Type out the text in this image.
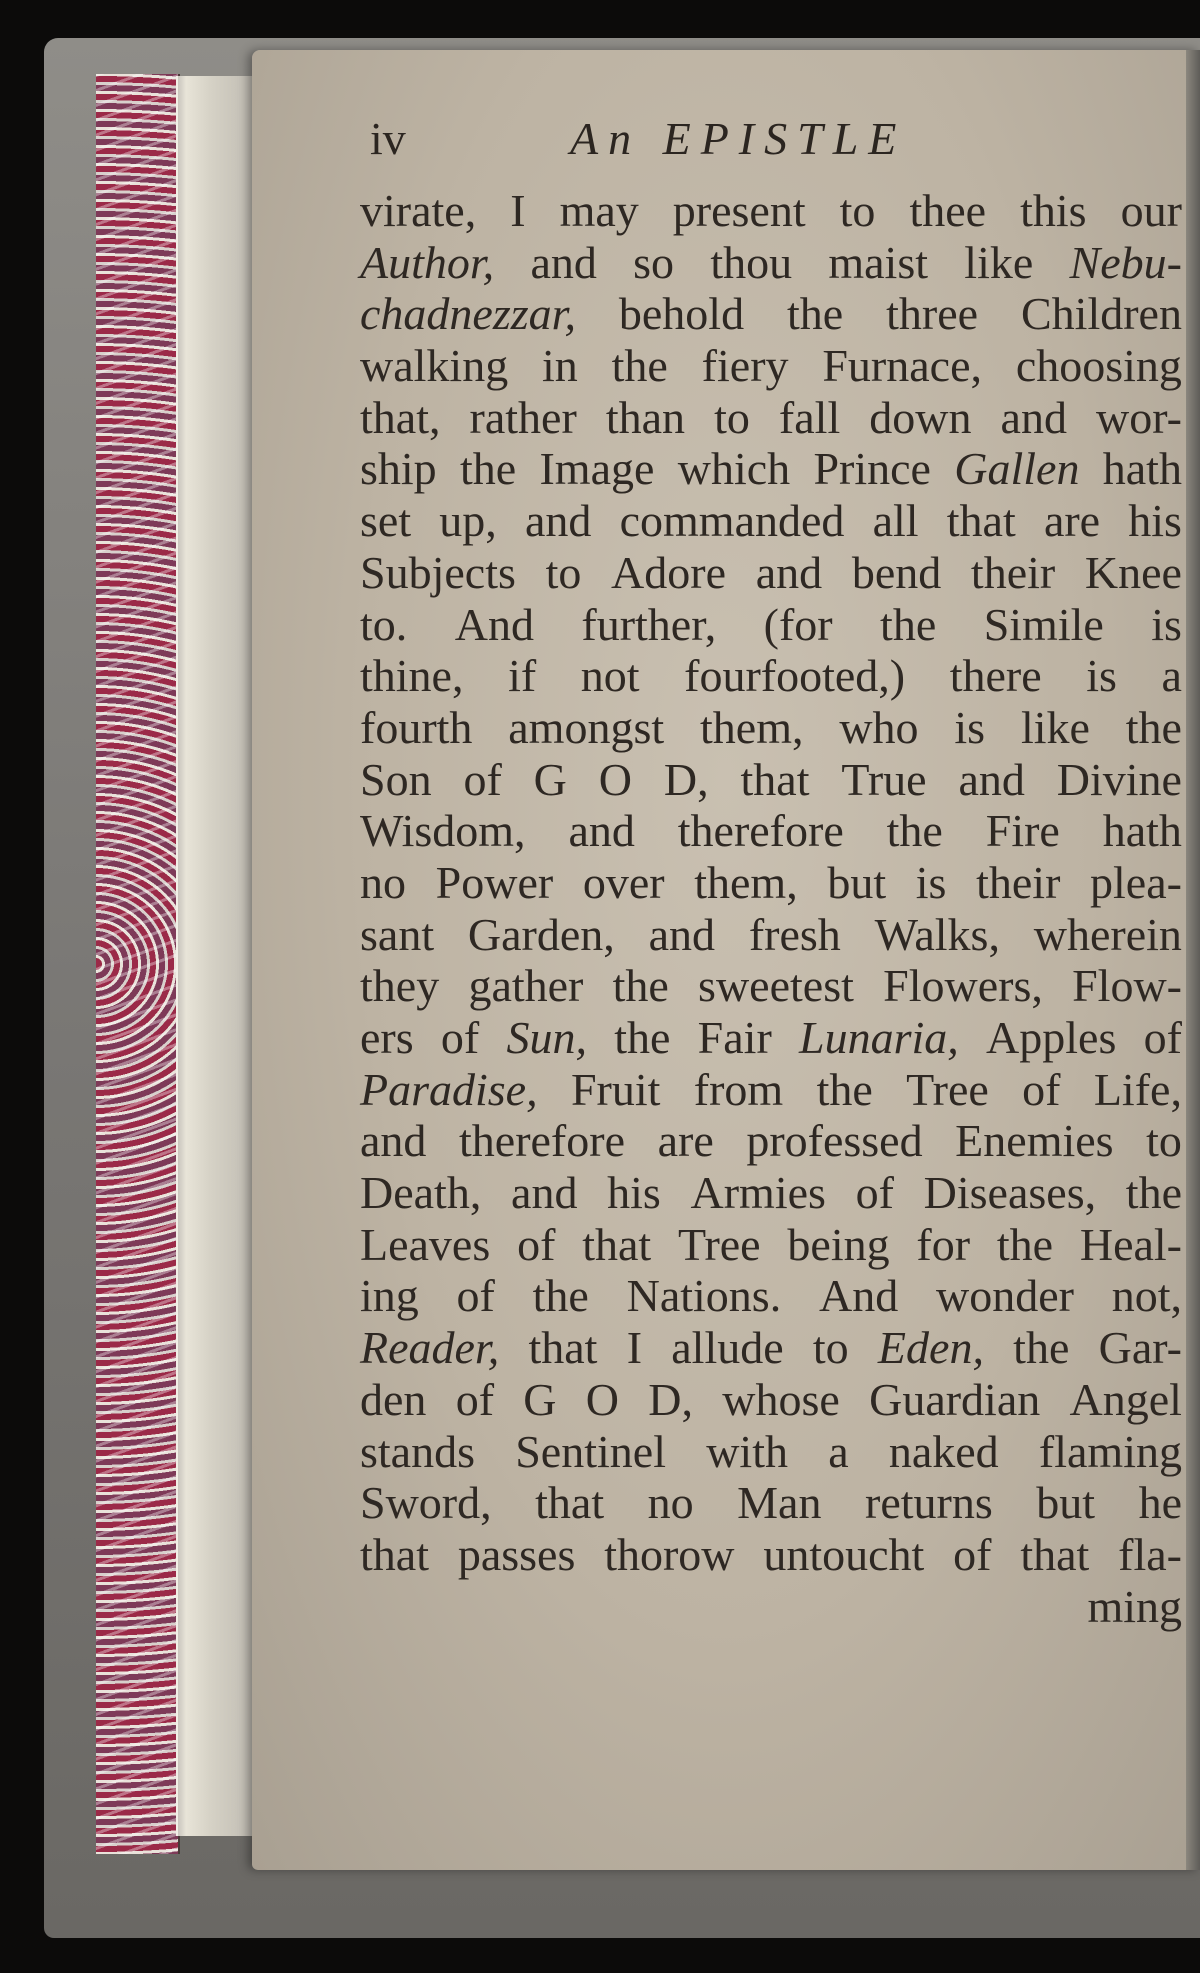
iv	An EPISTLE
virate, I may present to thee this our
Author, and so thou maist like Nebu-
chadnezzar, behold the three Children
walking in the fiery Furnace, choosing
that, rather than to fall down and wor-
ship the Image which Prince Gallen hath
set up, and commanded all that are his
Subjects to Adore and bend their Knee
to. And further, (for the Simile is
thine, if not fourfooted,) there is a
fourth amongst them, who is like the
Son of G O D, that True and Divine
Wisdom, and therefore the Fire hath
no Power over them, but is their plea-
sant Garden, and fresh Walks, wherein
they gather the sweetest Flowers, Flow-
ers of Sun, the Fair Lunaria, Apples of
Paradise, Fruit from the Tree of Life,
and therefore are professed Enemies to
Death, and his Armies of Diseases, the
Leaves of that Tree being for the Heal-
ing of the Nations. And wonder not,
Reader, that I allude to Eden, the Gar-
den of G O D, whose Guardian Angel
stands Sentinel with a naked flaming
Sword, that no Man returns but he
that passes thorow untoucht of that fla-
ming
